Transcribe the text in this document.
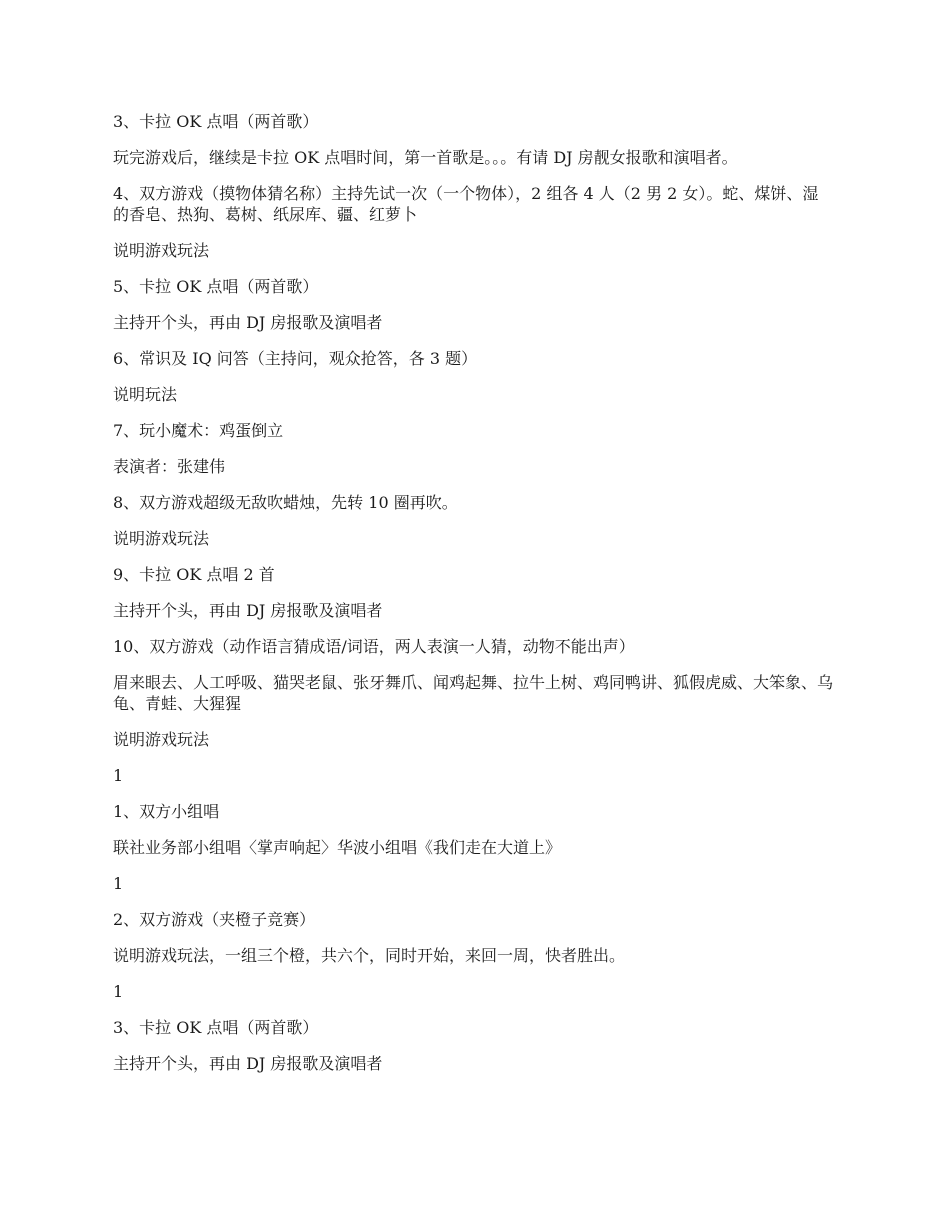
3、卡拉 OK 点唱（两首歌）

玩完游戏后，继续是卡拉 OK 点唱时间，第一首歌是。。。有请 DJ 房靓女报歌和演唱者。

4、双方游戏（摸物体猜名称）主持先试一次（一个物体），2 组各 4 人（2 男 2 女）。蛇、煤饼、湿的香皂、热狗、葛树、纸尿库、疆、红萝卜

说明游戏玩法

5、卡拉 OK 点唱（两首歌）

主持开个头，再由 DJ 房报歌及演唱者

6、常识及 IQ 问答（主持问，观众抢答，各 3 题）

说明玩法

7、玩小魔术：鸡蛋倒立

表演者：张建伟

8、双方游戏超级无敌吹蜡烛，先转 10 圈再吹。

说明游戏玩法

9、卡拉 OK 点唱 2 首

主持开个头，再由 DJ 房报歌及演唱者

10、双方游戏（动作语言猜成语/词语，两人表演一人猜，动物不能出声）

眉来眼去、人工呼吸、猫哭老鼠、张牙舞爪、闻鸡起舞、拉牛上树、鸡同鸭讲、狐假虎威、大笨象、乌龟、青蛙、大猩猩

说明游戏玩法

1

1、双方小组唱

联社业务部小组唱〈掌声响起〉华波小组唱《我们走在大道上》

1

2、双方游戏（夹橙子竞赛）

说明游戏玩法，一组三个橙，共六个，同时开始，来回一周，快者胜出。

1

3、卡拉 OK 点唱（两首歌）

主持开个头，再由 DJ 房报歌及演唱者
